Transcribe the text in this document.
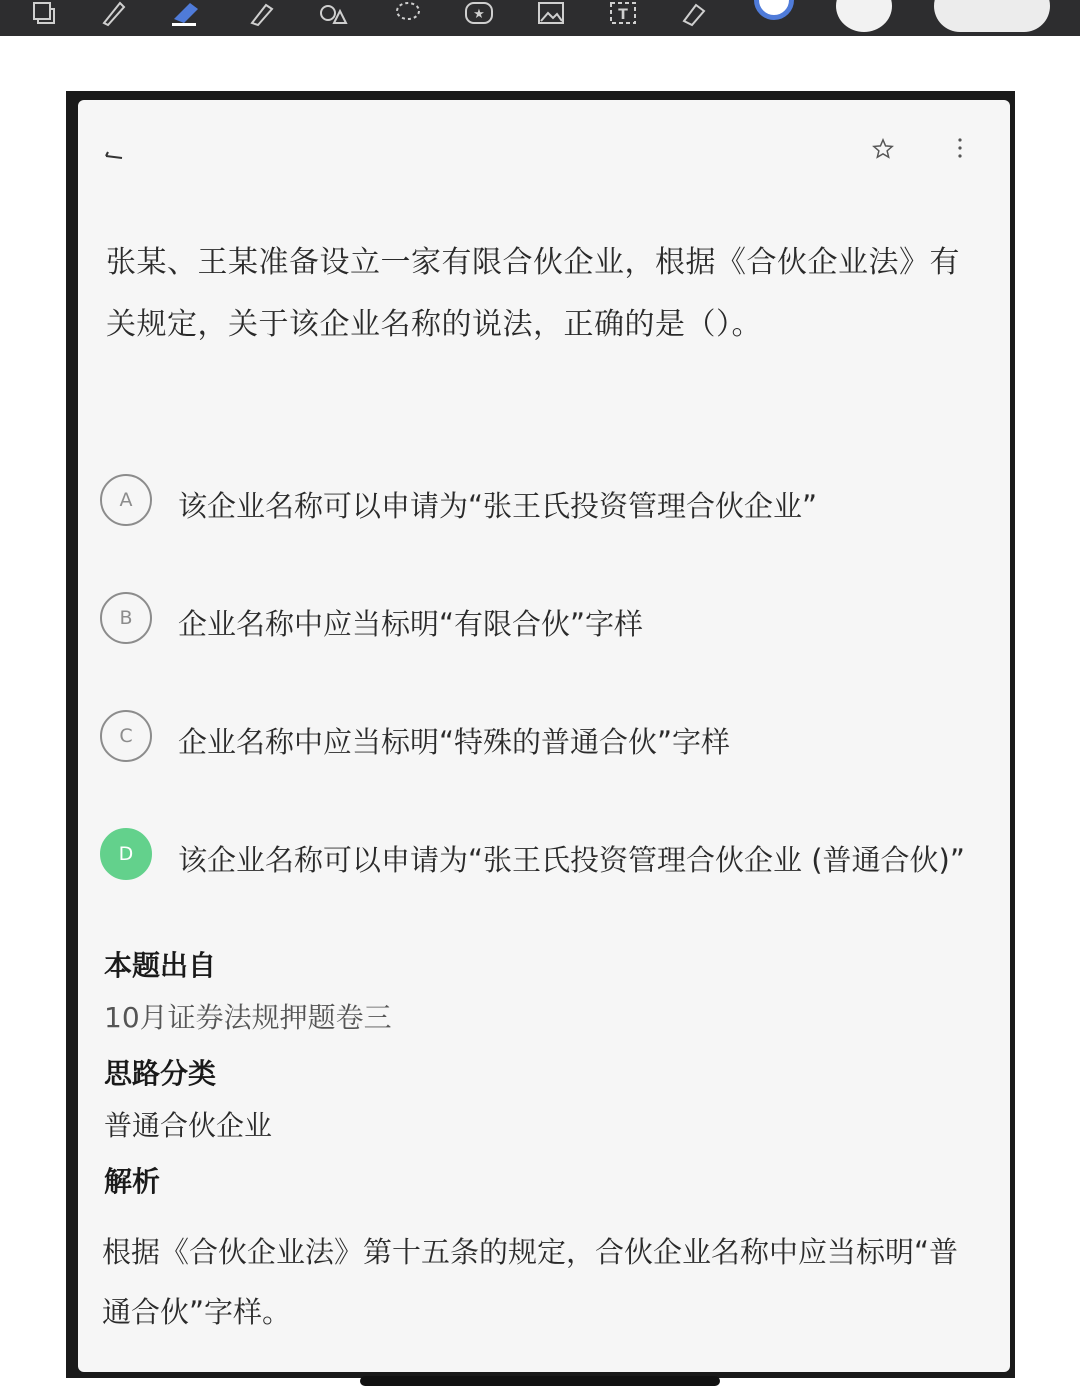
★	T
张某、王某准备设立一家有限合伙企业，根据《合伙企业法》有关规定，关于该企业名称的说法，正确的是（）。
A	该企业名称可以申请为“张王氏投资管理合伙企业”
B	企业名称中应当标明“有限合伙”字样
C	企业名称中应当标明“特殊的普通合伙”字样
D	该企业名称可以申请为“张王氏投资管理合伙企业 (普通合伙)”
本题出自
10月证券法规押题卷三
思路分类
普通合伙企业
解析
根据《合伙企业法》第十五条的规定，合伙企业名称中应当标明“普通合伙”字样。
